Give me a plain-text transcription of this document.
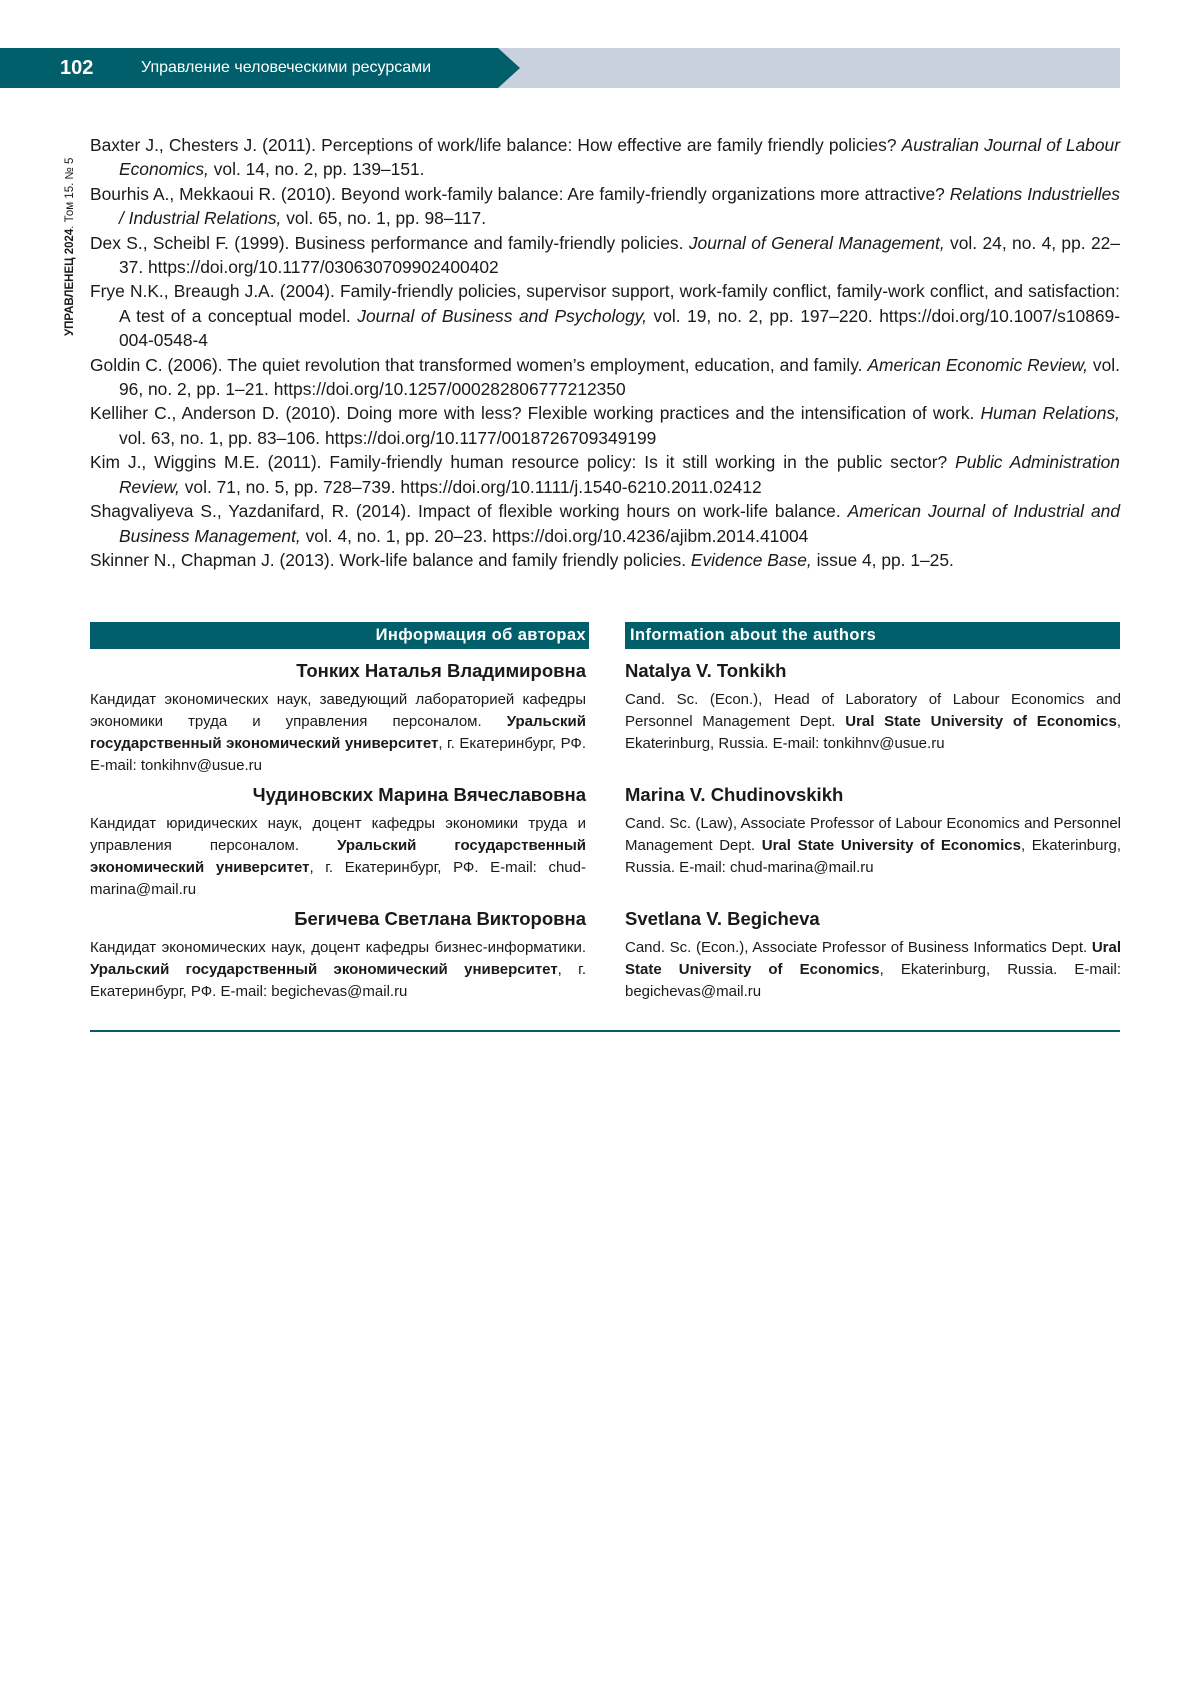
102	Управление человеческими ресурсами
УПРАВЛЕНЕЦ 2024. Том 15. № 5

Baxter J., Chesters J. (2011). Perceptions of work/life balance: How effective are family friendly policies? Australian Journal of Labour Economics, vol. 14, no. 2, pp. 139–151.

Bourhis A., Mekkaoui R. (2010). Beyond work-family balance: Are family-friendly organizations more attractive? Relations Industrielles / Industrial Relations, vol. 65, no. 1, pp. 98–117.

Dex S., Scheibl F. (1999). Business performance and family-friendly policies. Journal of General Management, vol. 24, no. 4, pp. 22–37. https://doi.org/10.1177/030630709902400402

Frye N.K., Breaugh J.A. (2004). Family-friendly policies, supervisor support, work-family conflict, family-work conflict, and satisfaction: A test of a conceptual model. Journal of Business and Psychology, vol. 19, no. 2, pp. 197–220. https://doi.org/10.1007/s10869-004-0548-4

Goldin C. (2006). The quiet revolution that transformed women’s employment, education, and family. American Economic Review, vol. 96, no. 2, pp. 1–21. https://doi.org/10.1257/000282806777212350

Kelliher C., Anderson D. (2010). Doing more with less? Flexible working practices and the intensification of work. Human Relations, vol. 63, no. 1, pp. 83–106. https://doi.org/10.1177/0018726709349199

Kim J., Wiggins M.E. (2011). Family-friendly human resource policy: Is it still working in the public sector? Public Administration Review, vol. 71, no. 5, pp. 728–739. https://doi.org/10.1111/j.1540-6210.2011.02412

Shagvaliyeva S., Yazdanifard, R. (2014). Impact of flexible working hours on work-life balance. American Journal of Industrial and Business Management, vol. 4, no. 1, pp. 20–23. https://doi.org/10.4236/ajibm.2014.41004

Skinner N., Chapman J. (2013). Work-life balance and family friendly policies. Evidence Base, issue 4, pp. 1–25.

Информация об авторах	Information about the authors
Тонких Наталья Владимировна

Кандидат экономических наук, заведующий лабораторией кафедры экономики труда и управления персоналом. Уральский государственный экономический университет, г. Екатеринбург, РФ. E-mail: tonkihnv@usue.ru

Чудиновских Марина Вячеславовна

Кандидат юридических наук, доцент кафедры экономики труда и управления персоналом. Уральский государственный экономический университет, г. Екатеринбург, РФ. E-mail: chud-marina@mail.ru

Бегичева Светлана Викторовна

Кандидат экономических наук, доцент кафедры бизнес-информатики. Уральский государственный экономический университет, г. Екатеринбург, РФ. E-mail: begichevas@mail.ru

Natalya V. Tonkikh

Cand. Sc. (Econ.), Head of Laboratory of Labour Economics and Personnel Management Dept. Ural State University of Economics, Ekaterinburg, Russia. E-mail: tonkihnv@usue.ru

Marina V. Chudinovskikh

Cand. Sc. (Law), Associate Professor of Labour Economics and Personnel Management Dept. Ural State University of Economics, Ekaterinburg, Russia. E-mail: chud-marina@mail.ru

Svetlana V. Begicheva

Cand. Sc. (Econ.), Associate Professor of Business Informatics Dept. Ural State University of Economics, Ekaterinburg, Russia. E-mail: begichevas@mail.ru
